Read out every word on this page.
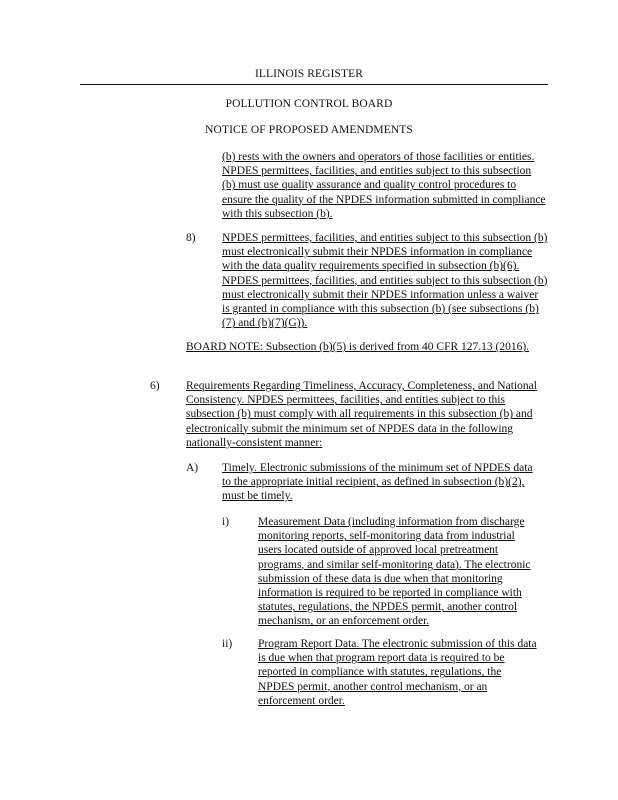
ILLINOIS REGISTER
POLLUTION CONTROL BOARD
NOTICE OF PROPOSED AMENDMENTS
(b) rests with the owners and operators of those facilities or entities. NPDES permittees, facilities, and entities subject to this subsection (b) must use quality assurance and quality control procedures to ensure the quality of the NPDES information submitted in compliance with this subsection (b).
8) NPDES permittees, facilities, and entities subject to this subsection (b) must electronically submit their NPDES information in compliance with the data quality requirements specified in subsection (b)(6). NPDES permittees, facilities, and entities subject to this subsection (b) must electronically submit their NPDES information unless a waiver is granted in compliance with this subsection (b) (see subsections (b)(7) and (b)(7)(G)).
BOARD NOTE: Subsection (b)(5) is derived from 40 CFR 127.13 (2016).
6) Requirements Regarding Timeliness, Accuracy, Completeness, and National Consistency. NPDES permittees, facilities, and entities subject to this subsection (b) must comply with all requirements in this subsection (b) and electronically submit the minimum set of NPDES data in the following nationally-consistent manner:
A) Timely. Electronic submissions of the minimum set of NPDES data to the appropriate initial recipient, as defined in subsection (b)(2), must be timely.
i)	Measurement Data (including information from discharge monitoring reports, self-monitoring data from industrial users located outside of approved local pretreatment programs, and similar self-monitoring data). The electronic submission of these data is due when that monitoring information is required to be reported in compliance with statutes, regulations, the NPDES permit, another control mechanism, or an enforcement order.
ii) Program Report Data. The electronic submission of this data is due when that program report data is required to be reported in compliance with statutes, regulations, the NPDES permit, another control mechanism, or an enforcement order.
